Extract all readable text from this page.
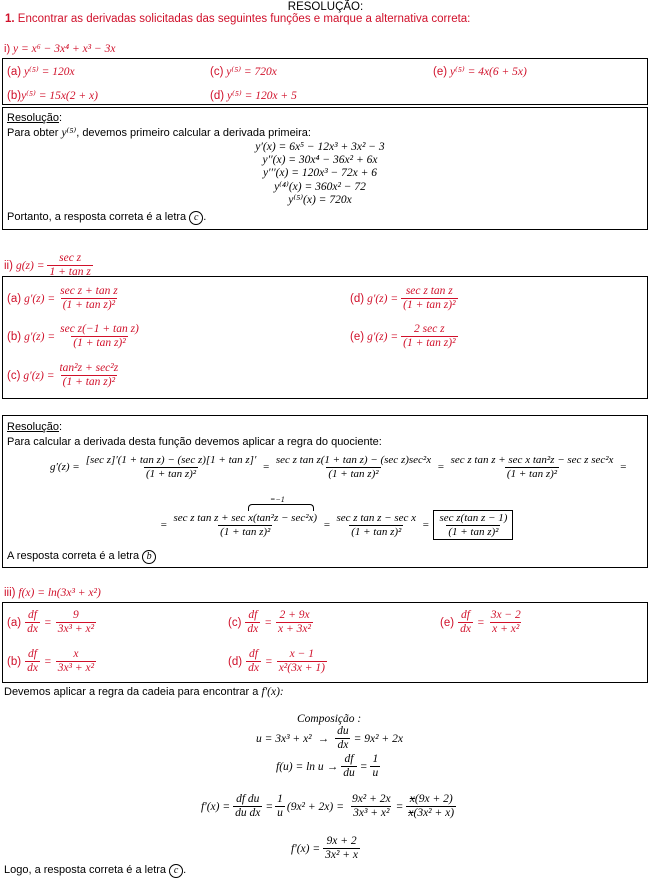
RESOLUÇÃO:
1. Encontrar as derivadas solicitadas das seguintes funções e marque a alternativa correta:
i) y = x⁶ − 3x⁴ + x³ − 3x
(a) y⁽⁵⁾ = 120x	(c) y⁽⁵⁾ = 720x	(e) y⁽⁵⁾ = 4x(6 + 5x)
(b)y⁽⁵⁾ = 15x(2 + x)	(d) y⁽⁵⁾ = 120x + 5
Resolução:
Para obter y⁽⁵⁾, devemos primeiro calcular a derivada primeira:
y′(x) = 6x⁵ − 12x³ + 3x² − 3
y′′(x) = 30x⁴ − 36x² + 6x
y′′′(x) = 120x³ − 72x + 6
y⁽⁴⁾(x) = 360x² − 72
y⁽⁵⁾(x) = 720x
Portanto, a resposta correta é a letra c .
ii) g(z) =
sec z
1 + tan z
(a) g′(z) =
sec z + tan z
(1 + tan z)²
(d) g′(z) =
sec z tan z
(1 + tan z)²
(b) g′(z) =
sec z(−1 + tan z)
(1 + tan z)²
(e) g′(z) =
2 sec z
(1 + tan z)²
(c) g′(z) =
tan²z + sec²z
(1 + tan z)²
Resolução:
Para calcular a derivada desta função devemos aplicar a regra do quociente:
g′(z) =
[sec z]′(1 + tan z) − (sec z)[1 + tan z]′
(1 + tan z)²
=
sec z tan z(1 + tan z) − (sec z)sec²x
(1 + tan z)²
=
sec z tan z + sec x tan²z − sec z sec²x
(1 + tan z)²
=
=−1
=
sec z tan z + sec x(tan²z − sec²x)
(1 + tan z)²
=
sec z tan z − sec x
(1 + tan z)²
=
sec z(tan z − 1)
(1 + tan z)²
A resposta correta é a letra b
iii) f(x) = ln(3x³ + x²)
$(a) \frac{df}{dx} = \frac{9}{\text{3x³ + x²}}$	$(c) \frac{df}{dx} = \frac{2 + 9x}{\text{x + 3x²}}$	$(e) \frac{df}{dx} = \frac{3x - 2}{\text{x + x²}}$
$(b) \frac{df}{dx} = \frac{x}{\text{3x³ + x²}}$	$(d) \frac{df}{dx} = \frac{x - 1}{\text{x²(3x + 1)}}$
Devemos aplicar a regra da cadeia para encontrar a f′(x):
Composição :
$u = 3x^3 + x^2 \to \frac{du}{dx} = 9x^2 + 2x$
$f(u) = \ln u \to \frac{df}{du} = \frac{1}{u}$
$f'(x) = \frac{\text{df du}}{\text{du dx}} = \frac{1}{u} (9x^2 + 2x) = \frac{\text{9x² + 2x}}{\text{3x³ + x²}} = \frac{x(9x + 2)}{\text{x(3x² + x)}}$
$f'(x) = \frac{9x + 2}{\text{3x² + x}}$
Logo, a resposta correta é a letra c .
